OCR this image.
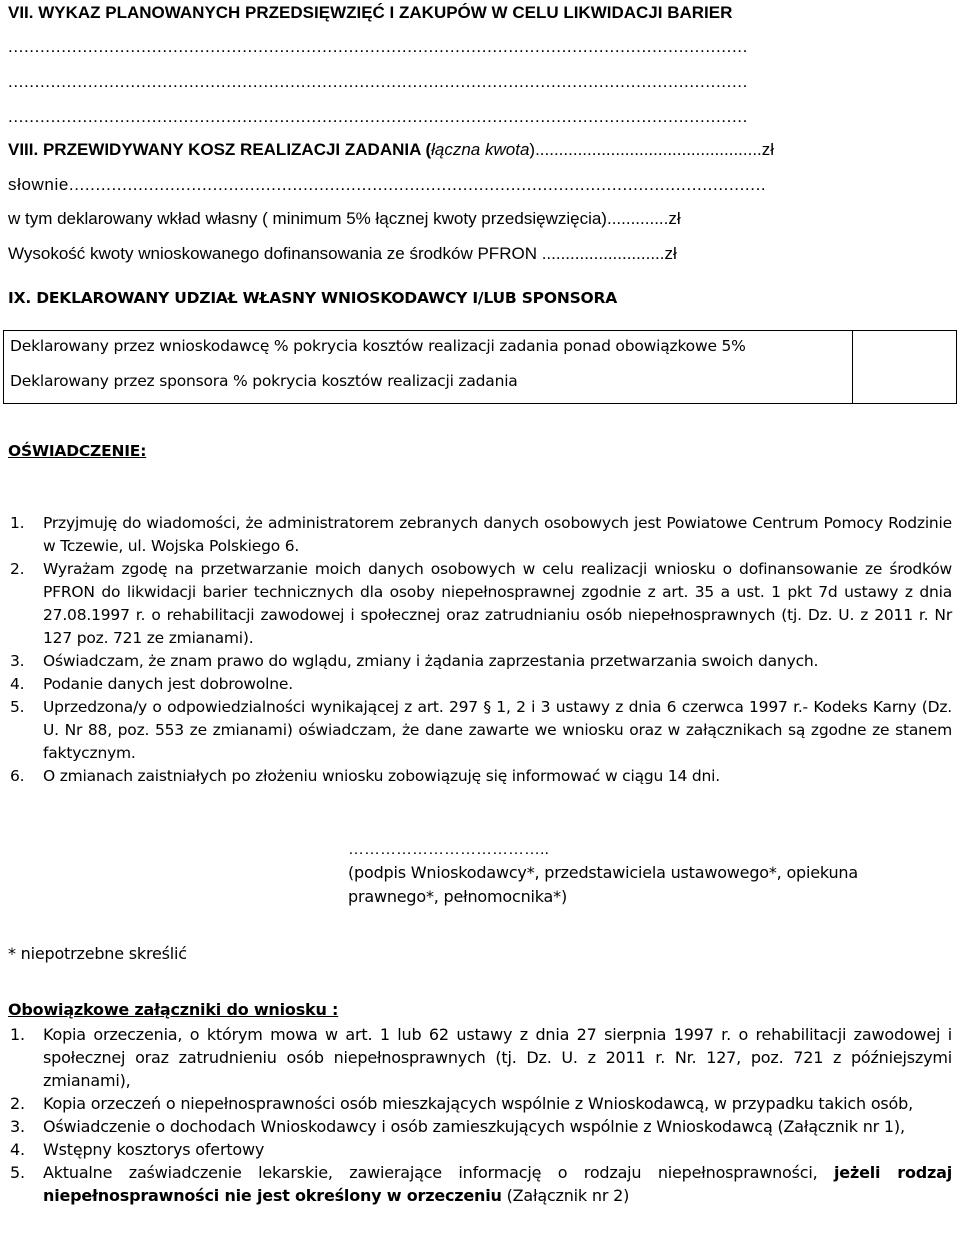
VII. WYKAZ PLANOWANYCH PRZEDSIĘWZIĘĆ I ZAKUPÓW W CELU LIKWIDACJI BARIER
...........................................................................................................................................
...........................................................................................................................................
...........................................................................................................................................
VIII. PRZEWIDYWANY KOSZ REALIZACJI ZADANIA (łączna kwota)................................................zł
słownie...................................................................................................................................
w tym deklarowany wkład własny ( minimum 5% łącznej kwoty przedsięwzięcia).............zł
Wysokość kwoty wnioskowanego dofinansowania ze środków PFRON ..........................zł
IX. DEKLAROWANY UDZIAŁ WŁASNY WNIOSKODAWCY I/LUB SPONSORA
Deklarowany przez wnioskodawcę % pokrycia kosztów realizacji zadania ponad obowiązkowe 5%
Deklarowany przez sponsora % pokrycia kosztów realizacji zadania
OŚWIADCZENIE:
1. Przyjmuję do wiadomości, że administratorem zebranych danych osobowych jest Powiatowe Centrum Pomocy Rodzinie w Tczewie, ul. Wojska Polskiego 6.
2. Wyrażam zgodę na przetwarzanie moich danych osobowych w celu realizacji wniosku o dofinansowanie ze środków PFRON do likwidacji barier technicznych dla osoby niepełnosprawnej zgodnie z art. 35 a ust. 1 pkt 7d ustawy z dnia 27.08.1997 r. o rehabilitacji zawodowej i społecznej oraz zatrudnianiu osób niepełnosprawnych (tj. Dz. U. z 2011 r. Nr 127 poz. 721 ze zmianami).
3. Oświadczam, że znam prawo do wglądu, zmiany i żądania zaprzestania przetwarzania swoich danych.
4. Podanie danych jest dobrowolne.
5. Uprzedzona/y o odpowiedzialności wynikającej z art. 297 § 1, 2 i 3 ustawy z dnia 6 czerwca 1997 r.- Kodeks Karny (Dz. U. Nr 88, poz. 553 ze zmianami) oświadczam, że dane zawarte we wniosku oraz w załącznikach są zgodne ze stanem faktycznym.
6. O zmianach zaistniałych po złożeniu wniosku zobowiązuję się informować w ciągu 14 dni.
………………………………..
(podpis Wnioskodawcy*, przedstawiciela ustawowego*, opiekuna
prawnego*, pełnomocnika*)
* niepotrzebne skreślić
Obowiązkowe załączniki do wniosku :
1. Kopia orzeczenia, o którym mowa w art. 1 lub 62 ustawy z dnia 27 sierpnia 1997 r. o rehabilitacji zawodowej i społecznej oraz zatrudnieniu osób niepełnosprawnych (tj. Dz. U. z 2011 r. Nr. 127, poz. 721 z późniejszymi zmianami),
2. Kopia orzeczeń o niepełnosprawności osób mieszkających wspólnie z Wnioskodawcą, w przypadku takich osób,
3. Oświadczenie o dochodach Wnioskodawcy i osób zamieszkujących wspólnie z Wnioskodawcą (Załącznik nr 1),
4. Wstępny kosztorys ofertowy
5. Aktualne zaświadczenie lekarskie, zawierające informację o rodzaju niepełnosprawności, jeżeli rodzaj niepełnosprawności nie jest określony w orzeczeniu (Załącznik nr 2)
